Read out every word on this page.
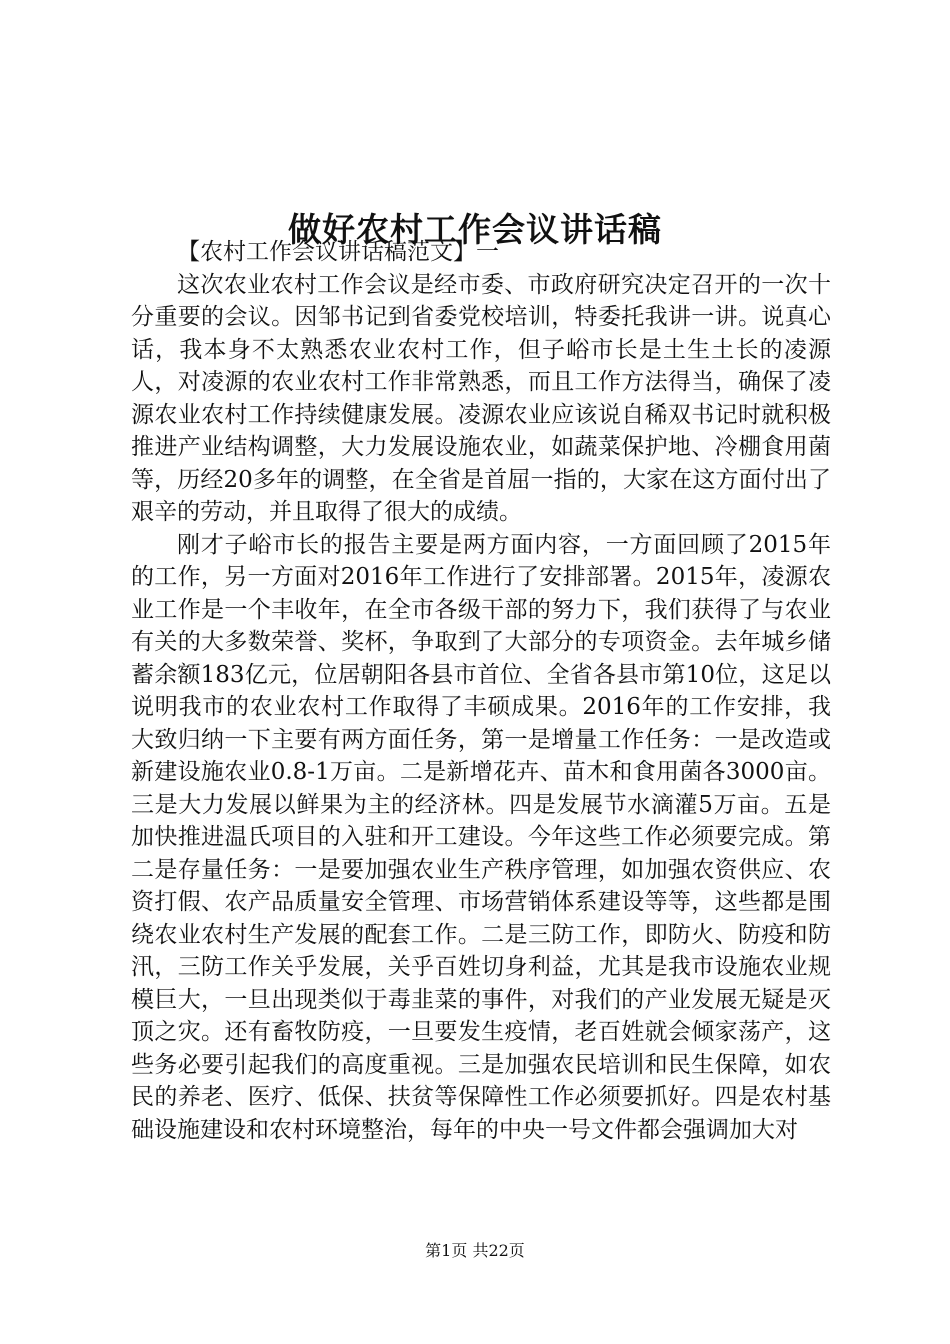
做好农村工作会议讲话稿

【农村工作会议讲话稿范文】一

这次农业农村工作会议是经市委、市政府研究决定召开的一次十分重要的会议。因邹书记到省委党校培训，特委托我讲一讲。说真心话，我本身不太熟悉农业农村工作，但子峪市长是土生土长的凌源人，对凌源的农业农村工作非常熟悉，而且工作方法得当，确保了凌源农业农村工作持续健康发展。凌源农业应该说自稀双书记时就积极推进产业结构调整，大力发展设施农业，如蔬菜保护地、冷棚食用菌等，历经20多年的调整，在全省是首屈一指的，大家在这方面付出了艰辛的劳动，并且取得了很大的成绩。

刚才子峪市长的报告主要是两方面内容，一方面回顾了2015年的工作，另一方面对2016年工作进行了安排部署。2015年，凌源农业工作是一个丰收年，在全市各级干部的努力下，我们获得了与农业有关的大多数荣誉、奖杯，争取到了大部分的专项资金。去年城乡储蓄余额183亿元，位居朝阳各县市首位、全省各县市第10位，这足以说明我市的农业农村工作取得了丰硕成果。2016年的工作安排，我大致归纳一下主要有两方面任务，第一是增量工作任务：一是改造或新建设施农业0.8-1万亩。二是新增花卉、苗木和食用菌各3000亩。三是大力发展以鲜果为主的经济林。四是发展节水滴灌5万亩。五是加快推进温氏项目的入驻和开工建设。今年这些工作必须要完成。第二是存量任务：一是要加强农业生产秩序管理，如加强农资供应、农资打假、农产品质量安全管理、市场营销体系建设等等，这些都是围绕农业农村生产发展的配套工作。二是三防工作，即防火、防疫和防汛，三防工作关乎发展，关乎百姓切身利益，尤其是我市设施农业规模巨大，一旦出现类似于毒韭菜的事件，对我们的产业发展无疑是灭顶之灾。还有畜牧防疫，一旦要发生疫情，老百姓就会倾家荡产，这些务必要引起我们的高度重视。三是加强农民培训和民生保障，如农民的养老、医疗、低保、扶贫等保障性工作必须要抓好。四是农村基础设施建设和农村环境整治，每年的中央一号文件都会强调加大对

第1页 共22页
